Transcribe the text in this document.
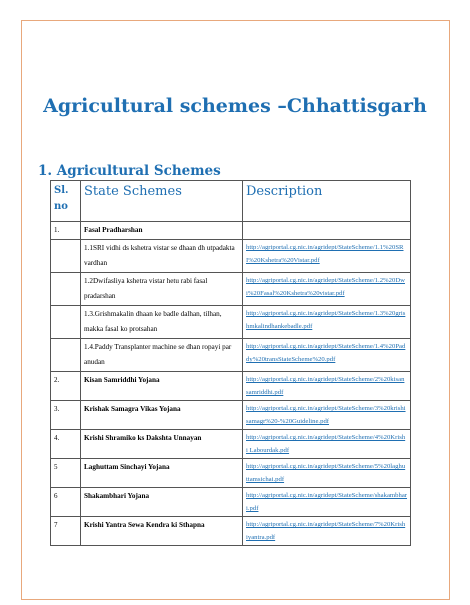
Agricultural schemes –Chhattisgarh
1. Agricultural Schemes
Sl. no	State Schemes	Description
1.	Fasal Pradharshan	

	1.1SRI vidhi ds kshetra vistar se dhaan dh utpadakta vardhan	http://agriportal.cg.nic.in/agridept/StateScheme/1.1%20SRI%20Kshetra%20Vistar.pdf

	1.2Dwifasliya kshetra vistar hetu rabi fasal pradarshan	http://agriportal.cg.nic.in/agridept/StateScheme/1.2%20Dwi%20Fasal%20Kshetra%20vistar.pdf

	1.3.Grishmakalin dhaan ke badle dalhan, tilhan, makka fasal ko protsahan	http://agriportal.cg.nic.in/agridept/StateScheme/1.3%20grishmkalindhankebadle.pdf

	1.4.Paddy Transplanter machine se dhan ropayi par anudan	http://agriportal.cg.nic.in/agridept/StateScheme/1.4%20Paddy%20transStateScheme%20.pdf

2.	Kisan Samriddhi Yojana	http://agriportal.cg.nic.in/agridept/StateScheme/2%20kisansamriddhi.pdf

3.	Krishak Samagra Vikas Yojana	http://agriportal.cg.nic.in/agridept/StateScheme/3%20krishisamagr%20-%20Guideline.pdf

4.	Krishi Shramiko ks Dakshta Unnayan	http://agriportal.cg.nic.in/agridept/StateScheme/4%20Krishi Labourdak.pdf

5	Laghuttam Sinchayi Yojana	http://agriportal.cg.nic.in/agridept/StateScheme/5%20laghuttamsichai.pdf

6	Shakambhari Yojana	http://agriportal.cg.nic.in/agridept/StateScheme/shakambhari.pdf

7	Krishi Yantra Sewa Kendra ki Sthapna	http://agriportal.cg.nic.in/agridept/StateScheme/7%20Krishiyantra.pdf
